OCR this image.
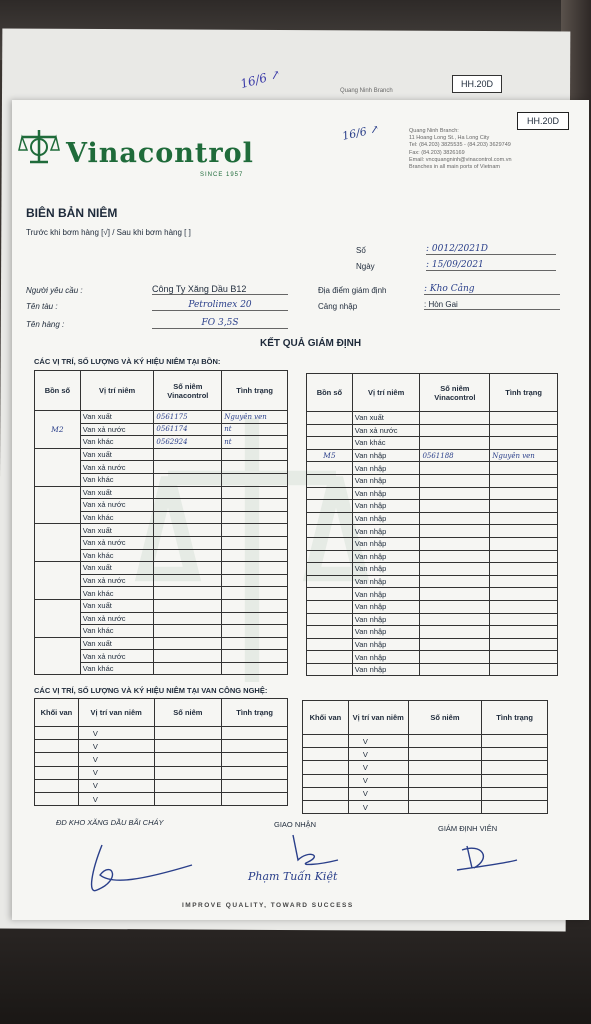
Quang Ninh Branch
HH.20D
16/6 ↗
Vinacontrol
SINCE 1957
16/6 ↗
HH.20D
Quang Ninh Branch:
11 Hoang Long St., Ha Long City
Tel: (84.203) 3825535 - (84.203) 3629749
Fax: (84.203) 3826169
Email: vncquangninh@vinacontrol.com.vn
Branches in all main ports of Vietnam
BIÊN BẢN NIÊM
Trước khi bơm hàng [√] / Sau khi bơm hàng [ ]
Số	: 0012/2021D
Ngày	: 15/09/2021
Người yêu cầu :	Công Ty Xăng Dầu B12
Tên tàu :	Petrolimex 20
Tên hàng :	FO 3,5S
Địa điểm giám định	: Kho Cảng
Cảng nhập	: Hòn Gai
KẾT QUẢ GIÁM ĐỊNH
CÁC VỊ TRÍ, SỐ LƯỢNG VÀ KÝ HIỆU NIÊM TẠI BỒN:
Bồn số	Vị trí niêm	Số niêm Vinacontrol	Tình trạng
M2	Van xuất	0561175	Nguyên ven
	Van xả nước	0561174	nt
	Van khác	0562924	nt
	Van xuất		
	Van xả nước		
	Van khác		
	Van xuất		
	Van xả nước		
	Van khác		
	Van xuất		
	Van xả nước		
	Van khác		
	Van xuất		
	Van xả nước		
	Van khác		
	Van xuất		
	Van xả nước		
	Van khác		
	Van xuất		
	Van xả nước		
	Van khác		
Bồn số	Vị trí niêm	Số niêm Vinacontrol	Tình trạng
	Van xuất		
	Van xả nước		
	Van khác		
M5	Van nhập	0561188	Nguyên ven
	Van nhập		
	Van nhập		
	Van nhập		
	Van nhập		
	Van nhập		
	Van nhập		
	Van nhập		
	Van nhập		
	Van nhập		
	Van nhập		
	Van nhập		
	Van nhập		
	Van nhập		
	Van nhập		
	Van nhập		
	Van nhập		
	Van nhập		
CÁC VỊ TRÍ, SỐ LƯỢNG VÀ KÝ HIỆU NIÊM TẠI VAN CÔNG NGHỆ:
Khối van	Vị trí van niêm	Số niêm	Tình trạng
	V		
	V		
	V		
	V		
	V		
	V		
Khối van	Vị trí van niêm	Số niêm	Tình trạng
	V		
	V		
	V		
	V		
	V		
	V		
ĐD KHO XĂNG DẦU BÃI CHÁY	GIAO NHẬN	GIÁM ĐỊNH VIÊN
Phạm Tuấn Kiệt
IMPROVE QUALITY, TOWARD SUCCESS
